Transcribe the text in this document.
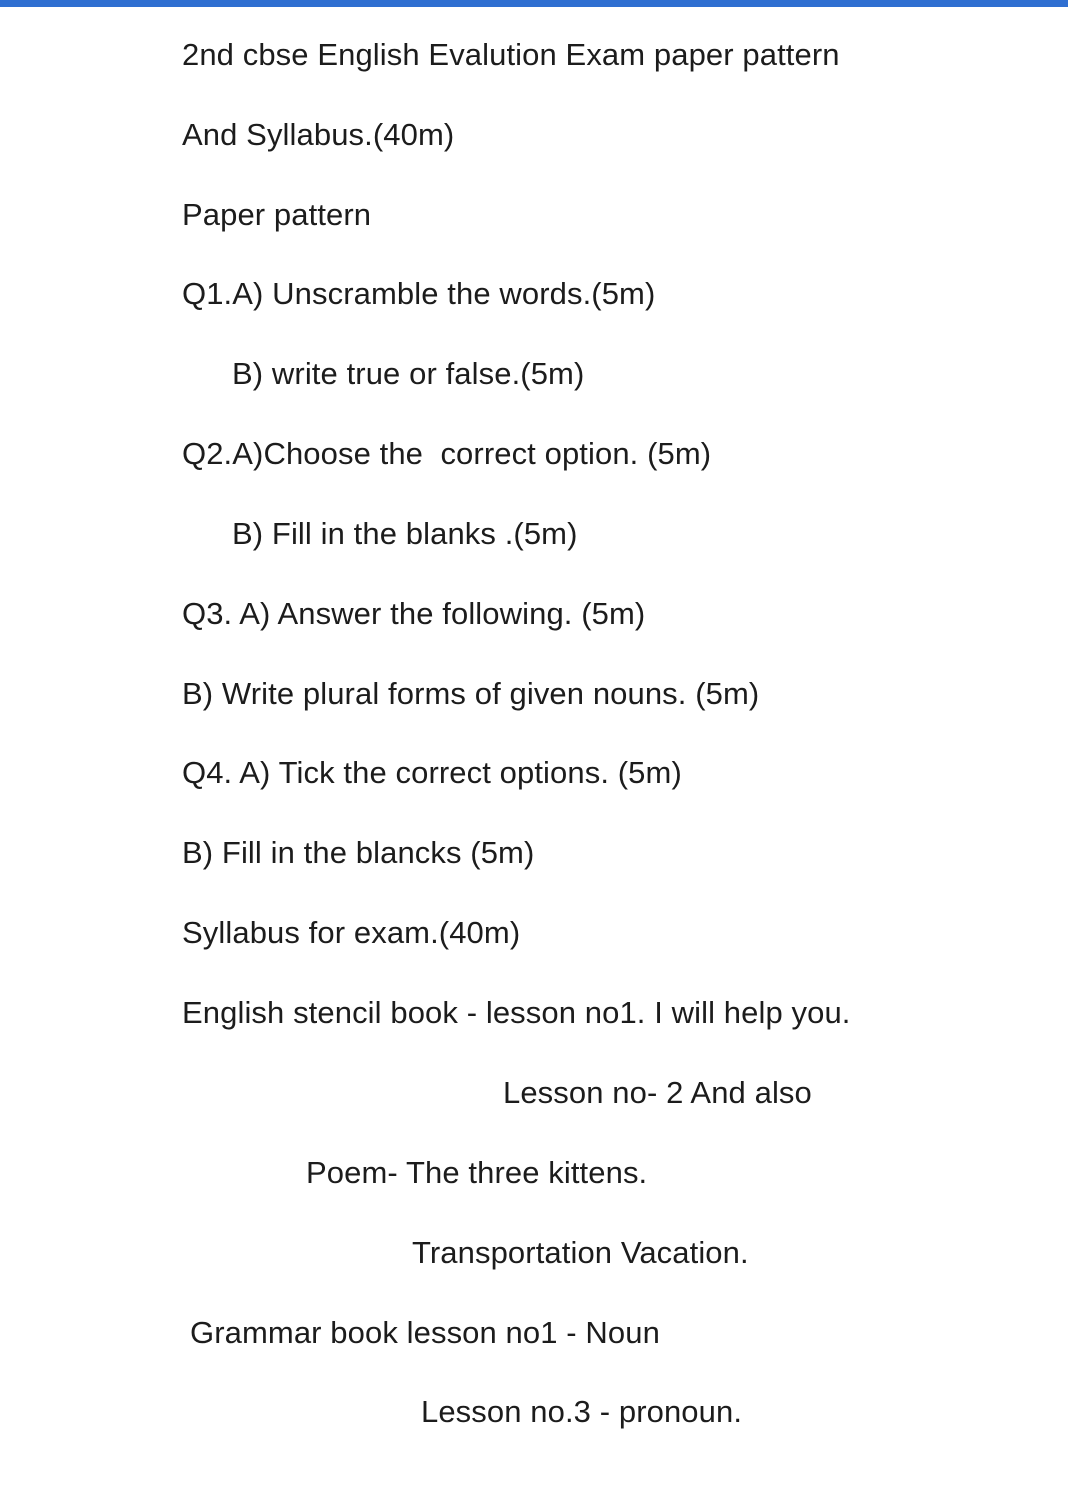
2nd cbse English Evalution Exam paper pattern
And Syllabus.(40m)
Paper pattern
Q1.A) Unscramble the words.(5m)
B) write true or false.(5m)
Q2.A)Choose the  correct option. (5m)
B) Fill in the blanks .(5m)
Q3. A) Answer the following. (5m)
B) Write plural forms of given nouns. (5m)
Q4. A) Tick the correct options. (5m)
B) Fill in the blancks (5m)
Syllabus for exam.(40m)
English stencil book - lesson no1. I will help you.
Lesson no- 2 And also
Poem- The three kittens.
Transportation Vacation.
Grammar book lesson no1 - Noun
Lesson no.3 - pronoun.
